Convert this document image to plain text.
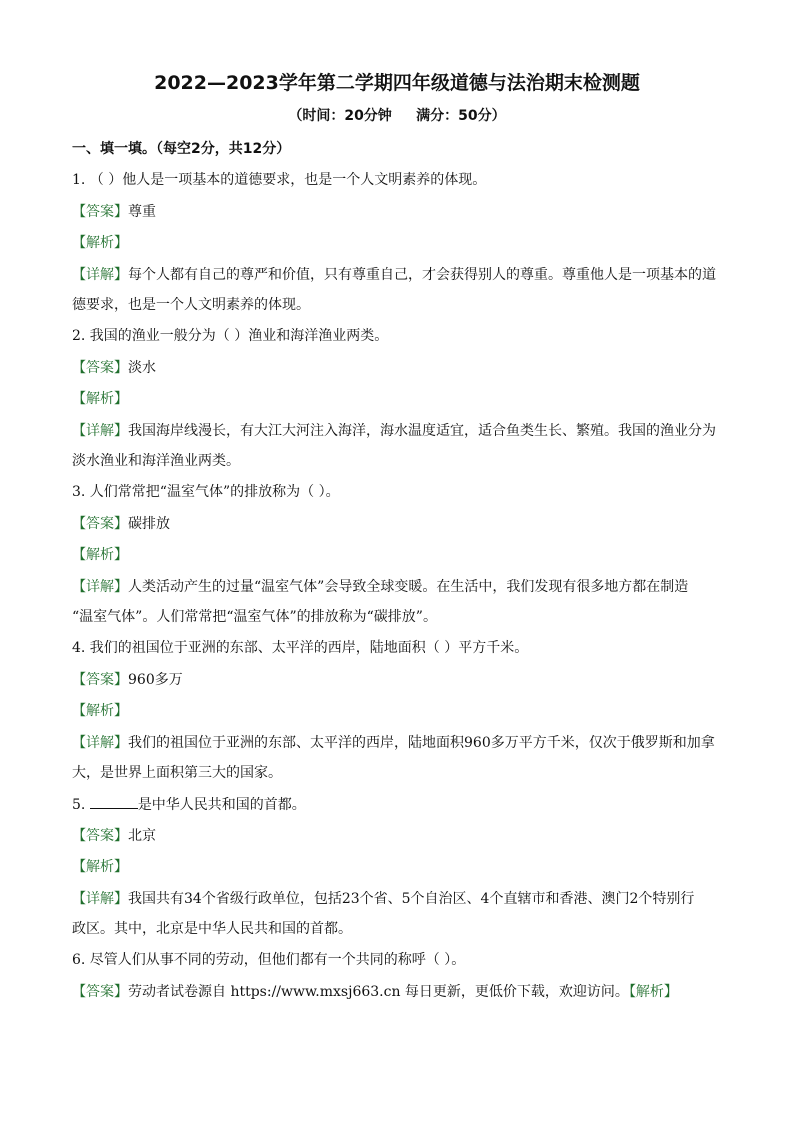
2022—2023学年第二学期四年级道德与法治期末检测题
（时间：20分钟     满分：50分）
一、填一填。（每空2分，共12分）
1. （ ）他人是一项基本的道德要求，也是一个人文明素养的体现。
【答案】尊重
【解析】
【详解】每个人都有自己的尊严和价值，只有尊重自己，才会获得别人的尊重。尊重他人是一项基本的道
德要求，也是一个人文明素养的体现。
2. 我国的渔业一般分为（ ）渔业和海洋渔业两类。
【答案】淡水
【解析】
【详解】我国海岸线漫长，有大江大河注入海洋，海水温度适宜，适合鱼类生长、繁殖。我国的渔业分为
淡水渔业和海洋渔业两类。
3. 人们常常把“温室气体”的排放称为（ ）。
【答案】碳排放
【解析】
【详解】人类活动产生的过量“温室气体”会导致全球变暖。在生活中，我们发现有很多地方都在制造
“温室气体”。人们常常把“温室气体”的排放称为“碳排放”。
4. 我们的祖国位于亚洲的东部、太平洋的西岸，陆地面积（ ）平方千米。
【答案】960多万
【解析】
【详解】我们的祖国位于亚洲的东部、太平洋的西岸，陆地面积960多万平方千米，仅次于俄罗斯和加拿
大，是世界上面积第三大的国家。
5.	是中华人民共和国的首都。
【答案】北京
【解析】
【详解】我国共有34个省级行政单位，包括23个省、5个自治区、4个直辖市和香港、澳门2个特别行
政区。其中，北京是中华人民共和国的首都。
6. 尽管人们从事不同的劳动，但他们都有一个共同的称呼（ ）。
【答案】劳动者试卷源自 https://www.mxsj663.cn 每日更新，更低价下载，欢迎访问。【解析】
